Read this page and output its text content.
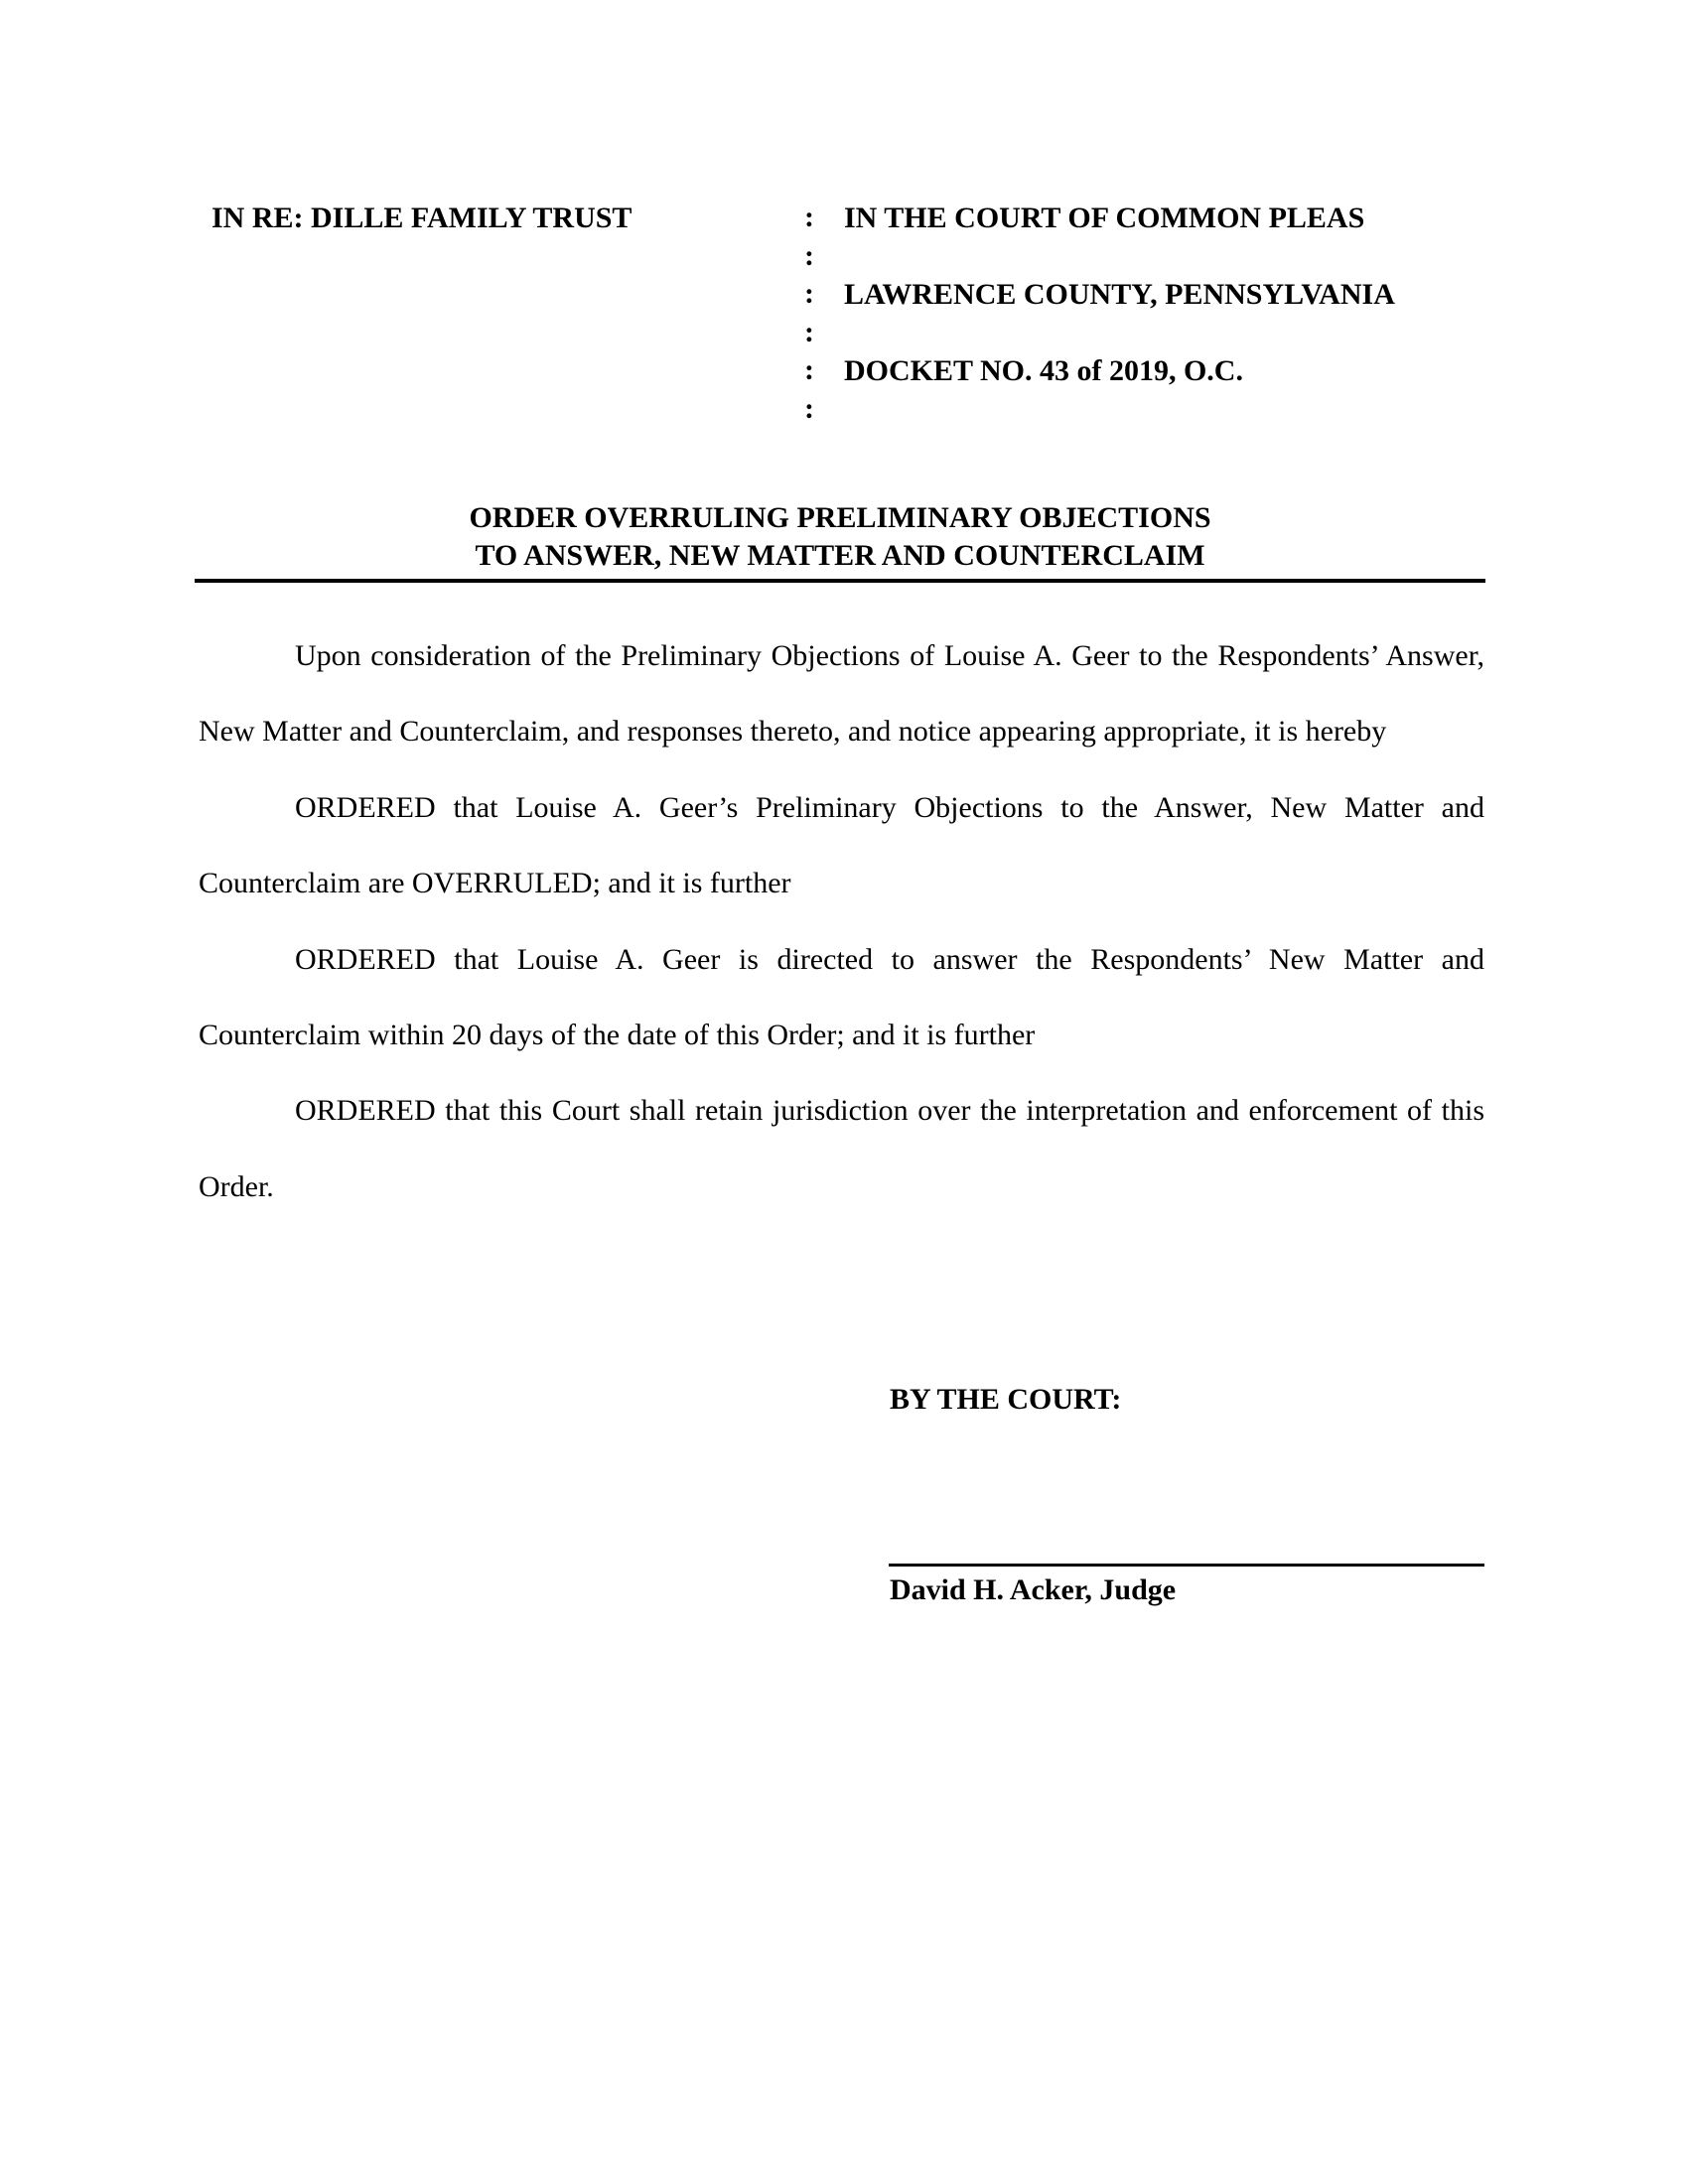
IN RE: DILLE FAMILY TRUST	:
:
:
:
:
:
IN THE COURT OF COMMON PLEAS
LAWRENCE COUNTY, PENNSYLVANIA
DOCKET NO. 43 of 2019, O.C.
ORDER OVERRULING PRELIMINARY OBJECTIONS
TO ANSWER, NEW MATTER AND COUNTERCLAIM

Upon consideration of the Preliminary Objections of Louise A. Geer to the Respondents’ Answer, New Matter and Counterclaim, and responses thereto, and notice appearing appropriate, it is hereby

ORDERED that Louise A. Geer’s Preliminary Objections to the Answer, New Matter and Counterclaim are OVERRULED; and it is further

ORDERED that Louise A. Geer is directed to answer the Respondents’ New Matter and Counterclaim within 20 days of the date of this Order; and it is further

ORDERED that this Court shall retain jurisdiction over the interpretation and enforcement of this Order.

BY THE COURT:
David H. Acker, Judge
